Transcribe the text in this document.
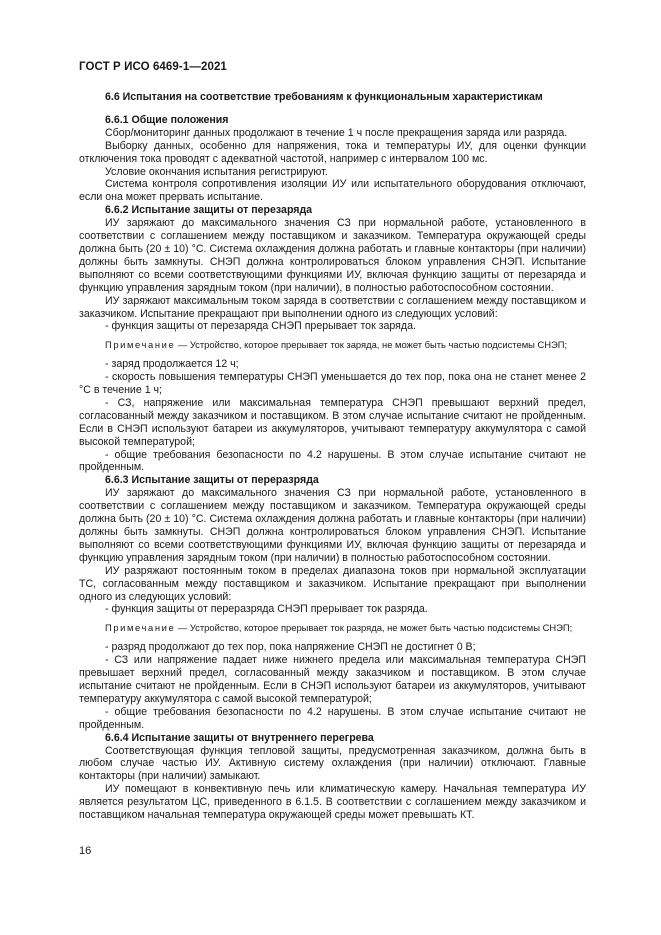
ГОСТ Р ИСО 6469-1—2021

6.6 Испытания на соответствие требованиям к функциональным характеристикам

6.6.1 Общие положения

Сбор/мониторинг данных продолжают в течение 1 ч после прекращения заряда или разряда.

Выборку данных, особенно для напряжения, тока и температуры ИУ, для оценки функции отключения тока проводят с адекватной частотой, например с интервалом 100 мс.

Условие окончания испытания регистрируют.

Система контроля сопротивления изоляции ИУ или испытательного оборудования отключают, если она может прервать испытание.

6.6.2 Испытание защиты от перезаряда

ИУ заряжают до максимального значения СЗ при нормальной работе, установленного в соответствии с соглашением между поставщиком и заказчиком. Температура окружающей среды должна быть (20 ± 10) °С. Система охлаждения должна работать и главные контакторы (при наличии) должны быть замкнуты. СНЭП должна контролироваться блоком управления СНЭП. Испытание выполняют со всеми соответствующими функциями ИУ, включая функцию защиты от перезаряда и функцию управления зарядным током (при наличии), в полностью работоспособном состоянии.

ИУ заряжают максимальным током заряда в соответствии с соглашением между поставщиком и заказчиком. Испытание прекращают при выполнении одного из следующих условий:

- функция защиты от перезаряда СНЭП прерывает ток заряда.

Примечание — Устройство, которое прерывает ток заряда, не может быть частью подсистемы СНЭП;

- заряд продолжается 12 ч;

- скорость повышения температуры СНЭП уменьшается до тех пор, пока она не станет менее 2 °С в течение 1 ч;

- СЗ, напряжение или максимальная температура СНЭП превышают верхний предел, согласованный между заказчиком и поставщиком. В этом случае испытание считают не пройденным. Если в СНЭП используют батареи из аккумуляторов, учитывают температуру аккумулятора с самой высокой температурой;

- общие требования безопасности по 4.2 нарушены. В этом случае испытание считают не пройденным.

6.6.3 Испытание защиты от переразряда

ИУ заряжают до максимального значения СЗ при нормальной работе, установленного в соответствии с соглашением между поставщиком и заказчиком. Температура окружающей среды должна быть (20 ± 10) °С. Система охлаждения должна работать и главные контакторы (при наличии) должны быть замкнуты. СНЭП должна контролироваться блоком управления СНЭП. Испытание выполняют со всеми соответствующими функциями ИУ, включая функцию защиты от перезаряда и функцию управления зарядным током (при наличии) в полностью работоспособном состоянии.

ИУ разряжают постоянным током в пределах диапазона токов при нормальной эксплуатации ТС, согласованным между поставщиком и заказчиком. Испытание прекращают при выполнении одного из следующих условий:

- функция защиты от переразряда СНЭП прерывает ток разряда.

Примечание — Устройство, которое прерывает ток разряда, не может быть частью подсистемы СНЭП;

- разряд продолжают до тех пор, пока напряжение СНЭП не достигнет 0 В;

- СЗ или напряжение падает ниже нижнего предела или максимальная температура СНЭП превышает верхний предел, согласованный между заказчиком и поставщиком. В этом случае испытание считают не пройденным. Если в СНЭП используют батареи из аккумуляторов, учитывают температуру аккумулятора с самой высокой температурой;

- общие требования безопасности по 4.2 нарушены. В этом случае испытание считают не пройденным.

6.6.4 Испытание защиты от внутреннего перегрева

Соответствующая функция тепловой защиты, предусмотренная заказчиком, должна быть в любом случае частью ИУ. Активную систему охлаждения (при наличии) отключают. Главные контакторы (при наличии) замыкают.

ИУ помещают в конвективную печь или климатическую камеру. Начальная температура ИУ является результатом ЦС, приведенного в 6.1.5. В соответствии с соглашением между заказчиком и поставщиком начальная температура окружающей среды может превышать КТ.

16
